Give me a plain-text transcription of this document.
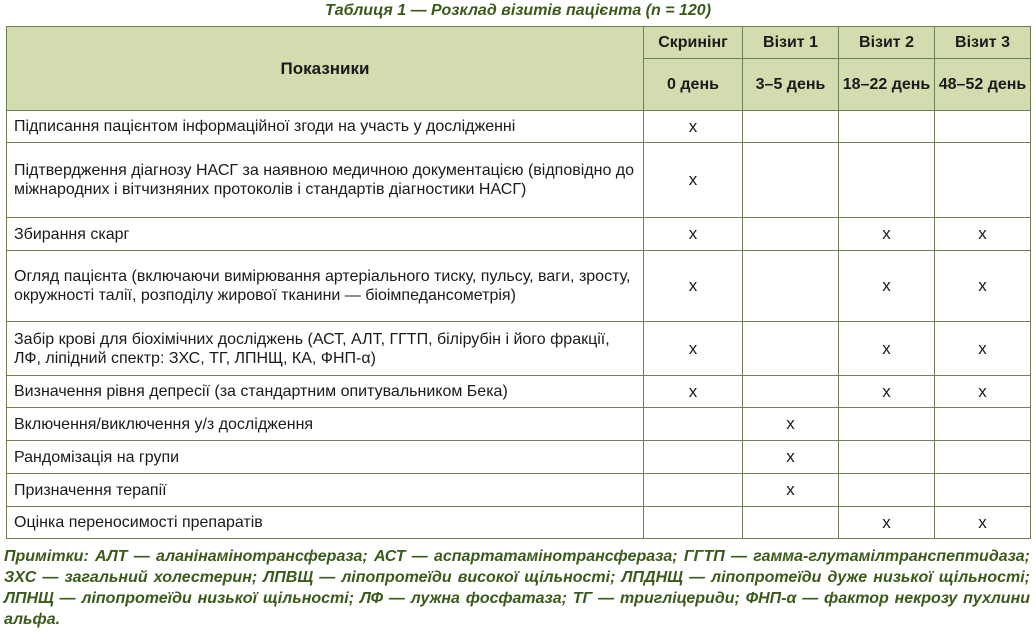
Таблиця 1 — Розклад візитів пацієнта (n = 120)
Показники	Скринінг	Візит 1	Візит 2	Візит 3
	0 день	3–5 день	18–22 день	48–52 день
Підписання пацієнтом інформаційної згоди на участь у дослідженні	x			
Підтвердження діагнозу НАСГ за наявною медичною документацією (відповідно до міжнародних і вітчизняних протоколів і стандартів діагностики НАСГ)	x			
Збирання скарг	x		x	x
Огляд пацієнта (включаючи вимірювання артеріального тиску, пульсу, ваги, зросту, окружності талії, розподілу жирової тканини — біоімпедансометрія)	x		x	x
Забір крові для біохімічних досліджень (АСТ, АЛТ, ГГТП, білірубін і його фракції, ЛФ, ліпідний спектр: ЗХС, ТГ, ЛПНЩ, КА, ФНП-α)	x		x	x
Визначення рівня депресії (за стандартним опитувальником Бека)	x		x	x
Включення/виключення у/з дослідження		x		
Рандомізація на групи		x		
Призначення терапії		x		
Оцінка переносимості препаратів			x	x
Примітки: АЛТ — аланінамінотрансфераза; АСТ — аспартатамінотрансфераза; ГГТП — гамма-глутамілтранспептидаза; ЗХС — загальний холестерин; ЛПВЩ — ліпопротеїди високої щільності; ЛПДНЩ — ліпопротеїди дуже низької щільності; ЛПНЩ — ліпопротеїди низької щільності; ЛФ — лужна фосфатаза; ТГ — тригліцериди; ФНП-α — фактор некрозу пухлини альфа.
